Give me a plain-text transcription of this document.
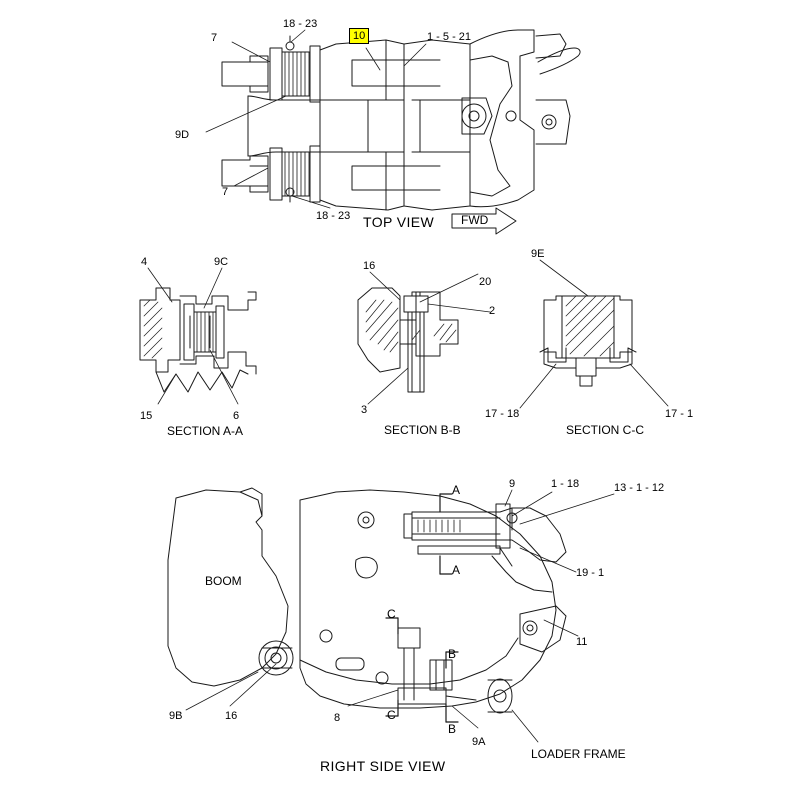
18 - 23
7	10	1 - 5 - 21
9D
7
18 - 23 TOP VIEW FWD
4	9C
15	6
SECTION A-A
16
20
2
3
SECTION B-B
9E
17 - 18	17 - 1
SECTION C-C
BOOM
LOADER FRAME
A
A
C
C
B
B
9	1 - 18	13 - 1 - 12
19 - 1
11
9B	16	8
9A
RIGHT SIDE VIEW
